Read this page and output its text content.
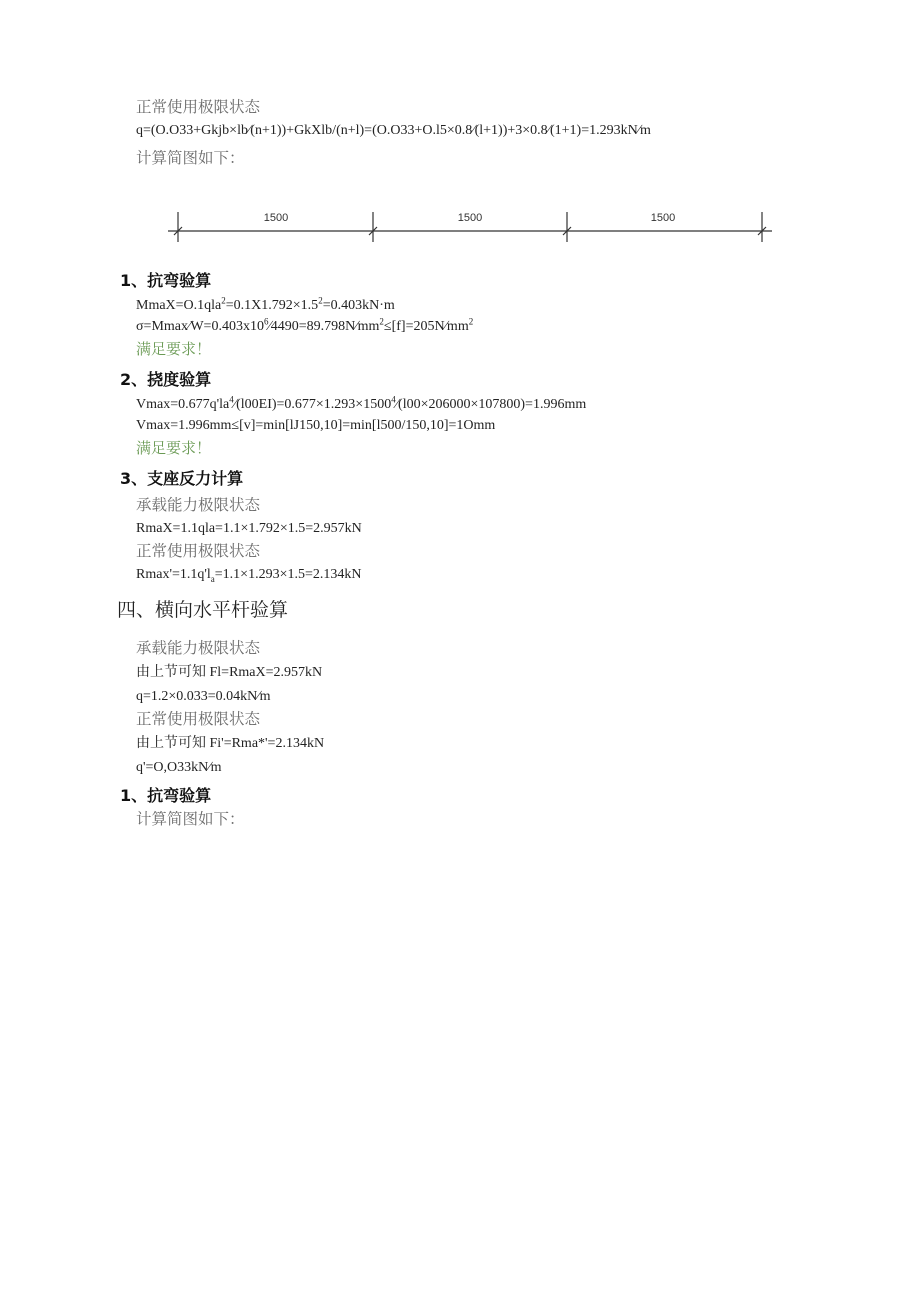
正常使用极限状态
q=(O.O33+Gkjb×lb∕(n+1))+GkXlb/(n+l)=(O.O33+O.l5×0.8∕(l+1))+3×0.8∕(1+1)=1.293kN∕m
计算简图如下：
1500	1500	1500
1、抗弯验算
$MmaX=O.1qla^2=0.1X1.792\times 1.5^2=0.403kN\cdot m$
$\sigma=Mmax∕W=0.403x10^6∕4490=89.798N∕mm^2\le[f]=205N∕mm^2$
满足要求！
2、挠度验算
$Vmax=0.677q'la^4∕(l00EI)=0.677\times 1.293\times 1500^4∕(l00\times 206000\times 107800)=1.996mm$
Vmax=1.996mm≤[v]=min[lJ150,10]=min[l500/150,10]=1Omm
满足要求！
3、支座反力计算
承载能力极限状态
RmaX=1.1qla=1.1×1.792×1.5=2.957kN
正常使用极限状态
$Rmax'=1.1q'l_a=1.1\times 1.293\times 1.5=2.134kN$
四、横向水平杆验算
承载能力极限状态
由上节可知 Fl=RmaX=2.957kN
q=1.2×0.033=0.04kN∕m
正常使用极限状态
由上节可知 Fi'=Rma*'=2.134kN
q'=O,O33kN∕m
1、抗弯验算
计算简图如下：
